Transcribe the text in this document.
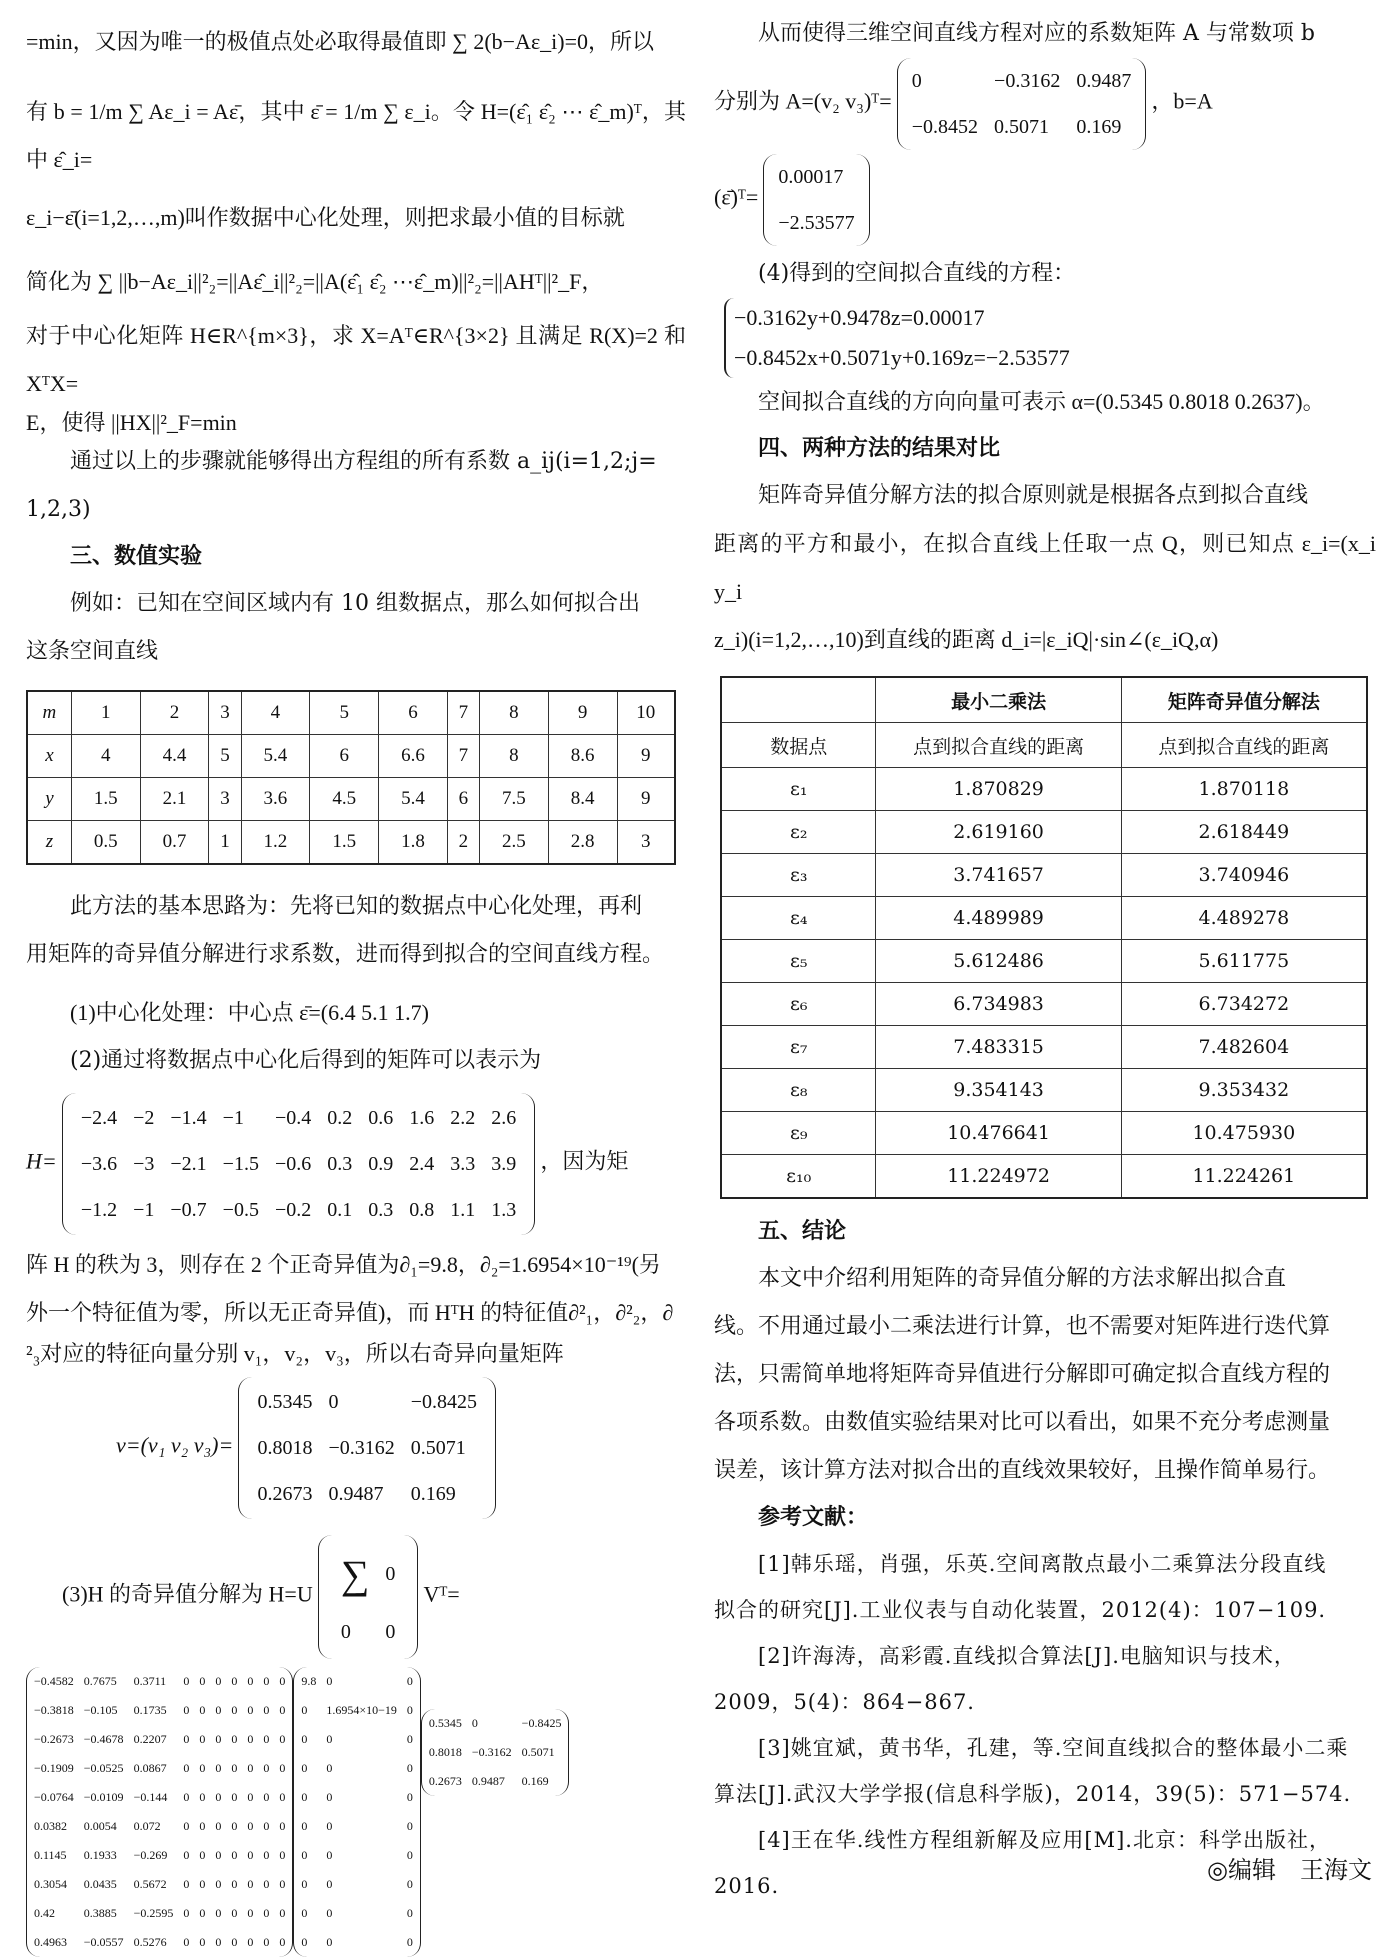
=min，又因为唯一的极值点处必取得最值即 ∑ 2(b−Aε_i)=0，所以

有 b = 1/m ∑ Aε_i = Aε̄，其中 ε̄ = 1/m ∑ ε_i。令 H=(ε̂₁ ε̂₂ ⋯ ε̂_m)ᵀ，其中 ε̂_i=

ε_i−ε̄(i=1,2,…,m)叫作数据中心化处理，则把求最小值的目标就

简化为 ∑ ||b−Aε_i||²₂=||Aε̂_i||²₂=||A(ε̂₁ ε̂₂ ⋯ε̂_m)||²₂=||AHᵀ||²_F，

对于中心化矩阵 H∈R^{m×3}，求 X=Aᵀ∈R^{3×2} 且满足 R(X)=2 和 XᵀX=

E，使得 ||HX||²_F=min

通过以上的步骤就能够得出方程组的所有系数 a_ij(i=1,2;j=

1,2,3)

三、数值实验

例如：已知在空间区域内有 10 组数据点，那么如何拟合出

这条空间直线

m	1	2	3	4	5	6	7	8	9	10
x	4	4.4	5	5.4	6	6.6	7	8	8.6	9
y	1.5	2.1	3	3.6	4.5	5.4	6	7.5	8.4	9
z	0.5	0.7	1	1.2	1.5	1.8	2	2.5	2.8	3

此方法的基本思路为：先将已知的数据点中心化处理，再利

用矩阵的奇异值分解进行求系数，进而得到拟合的空间直线方程。

(1)中心化处理：中心点 ε̄=(6.4 5.1 1.7)

(2)通过将数据点中心化后得到的矩阵可以表示为

H=
−2.4	−2	−1.4	−1	−0.4	0.2	0.6	1.6	2.2	2.6
−3.6	−3	−2.1	−1.5	−0.6	0.3	0.9	2.4	3.3	3.9
−1.2	−1	−0.7	−0.5	−0.2	0.1	0.3	0.8	1.1	1.3
，因为矩

阵 H 的秩为 3，则存在 2 个正奇异值为∂₁=9.8，∂₂=1.6954×10⁻¹⁹(另

外一个特征值为零，所以无正奇异值)，而 HᵀH 的特征值∂²₁，∂²₂，∂

²₃对应的特征向量分别 v₁，v₂，v₃，所以右奇异向量矩阵

v=(v₁ v₂ v₃)=
0.5345	0	−0.8425
0.8018	−0.3162	0.5071
0.2673	0.9487	0.169
(3)H 的奇异值分解为 H=U ∑	0
0	0
Vᵀ=
−0.4582	0.7675	0.3711	0	0	0	0	0	0	0
−0.3818	−0.105	0.1735	0	0	0	0	0	0	0
−0.2673	−0.4678	0.2207	0	0	0	0	0	0	0
−0.1909	−0.0525	0.0867	0	0	0	0	0	0	0
−0.0764	−0.0109	−0.144	0	0	0	0	0	0	0
0.0382	0.0054	0.072	0	0	0	0	0	0	0
0.1145	0.1933	−0.269	0	0	0	0	0	0	0
0.3054	0.0435	0.5672	0	0	0	0	0	0	0
0.42	0.3885	−0.2595	0	0	0	0	0	0	0
0.4963	−0.0557	0.5276	0	0	0	0	0	0	0
9.8	0	0
0	1.6954×10−19	0
0	0	0
0	0	0
0	0	0
0	0	0
0	0	0
0	0	0
0	0	0
0	0	0
0.5345	0	−0.8425
0.8018	−0.3162	0.5071
0.2673	0.9487	0.169

从而使得三维空间直线方程对应的系数矩阵 A 与常数项 b

分别为 A=(v₂ v₃)ᵀ=
0	−0.3162	0.9487
−0.8452	0.5071	0.169
，b=A
(ε̄)ᵀ=
0.00017
−2.53577

(4)得到的空间拟合直线的方程：

−0.3162y+0.9478z=0.00017
−0.8452x+0.5071y+0.169z=−2.53577

空间拟合直线的方向向量可表示 α=(0.5345 0.8018 0.2637)。

四、两种方法的结果对比

矩阵奇异值分解方法的拟合原则就是根据各点到拟合直线

距离的平方和最小，在拟合直线上任取一点 Q，则已知点 ε_i=(x_i y_i

z_i)(i=1,2,…,10)到直线的距离 d_i=|ε_iQ|·sin∠(ε_iQ,α)

	最小二乘法	矩阵奇异值分解法
数据点	点到拟合直线的距离	点到拟合直线的距离
ε₁	1.870829	1.870118
ε₂	2.619160	2.618449
ε₃	3.741657	3.740946
ε₄	4.489989	4.489278
ε₅	5.612486	5.611775
ε₆	6.734983	6.734272
ε₇	7.483315	7.482604
ε₈	9.354143	9.353432
ε₉	10.476641	10.475930
ε₁₀	11.224972	11.224261

五、结论

本文中介绍利用矩阵的奇异值分解的方法求解出拟合直

线。不用通过最小二乘法进行计算，也不需要对矩阵进行迭代算

法，只需简单地将矩阵奇异值进行分解即可确定拟合直线方程的

各项系数。由数值实验结果对比可以看出，如果不充分考虑测量

误差，该计算方法对拟合出的直线效果较好，且操作简单易行。

参考文献：

[1]韩乐瑶，肖强，乐英.空间离散点最小二乘算法分段直线

拟合的研究[J].工业仪表与自动化装置，2012(4)：107−109.

[2]许海涛，高彩霞.直线拟合算法[J].电脑知识与技术，

2009，5(4)：864−867.

[3]姚宜斌，黄书华，孔建，等.空间直线拟合的整体最小二乘

算法[J].武汉大学学报(信息科学版)，2014，39(5)：571−574.

[4]王在华.线性方程组新解及应用[M].北京：科学出版社，

2016.

◎编辑　王海文
